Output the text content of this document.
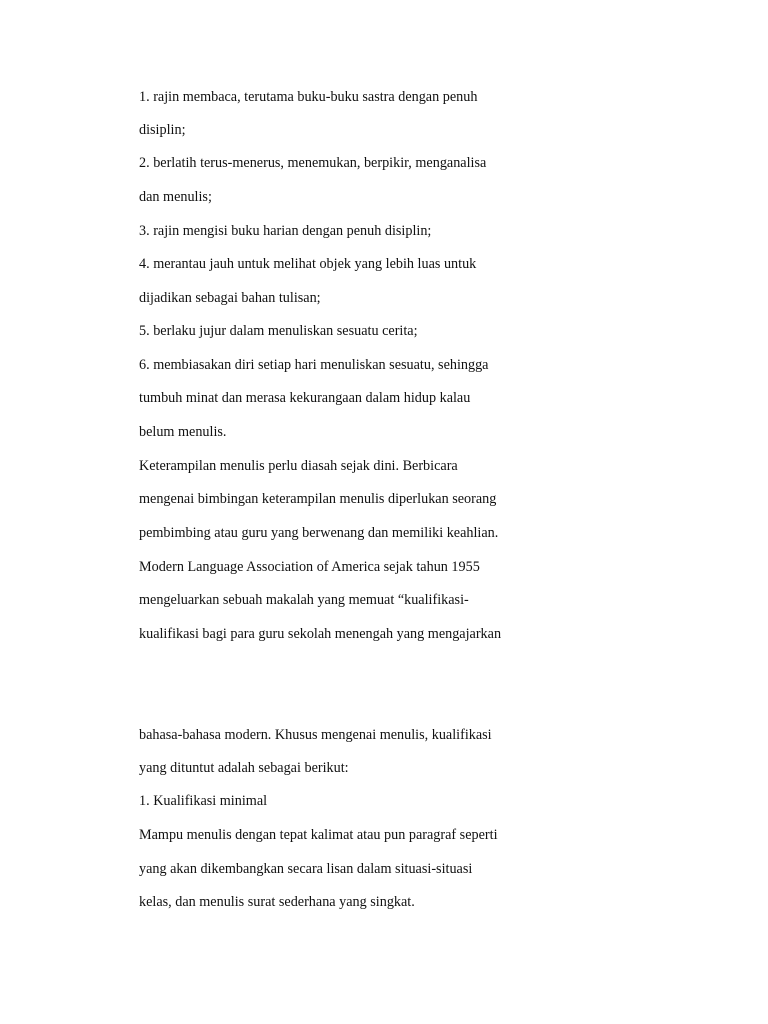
1. rajin membaca, terutama buku-buku sastra dengan penuh

disiplin;

2. berlatih terus-menerus, menemukan, berpikir, menganalisa

dan menulis;

3. rajin mengisi buku harian dengan penuh disiplin;

4. merantau jauh untuk melihat objek yang lebih luas untuk

dijadikan sebagai bahan tulisan;

5. berlaku jujur dalam menuliskan sesuatu cerita;

6. membiasakan diri setiap hari menuliskan sesuatu, sehingga

tumbuh minat dan merasa kekurangaan dalam hidup kalau

belum menulis.

Keterampilan menulis perlu diasah sejak dini. Berbicara

mengenai bimbingan keterampilan menulis diperlukan seorang

pembimbing atau guru yang berwenang dan memiliki keahlian.

Modern Language Association of America sejak tahun 1955

mengeluarkan sebuah makalah yang memuat “kualifikasi-

kualifikasi bagi para guru sekolah menengah yang mengajarkan

bahasa-bahasa modern. Khusus mengenai menulis, kualifikasi

yang dituntut adalah sebagai berikut:

1. Kualifikasi minimal

Mampu menulis dengan tepat kalimat atau pun paragraf seperti

yang akan dikembangkan secara lisan dalam situasi-situasi

kelas, dan menulis surat sederhana yang singkat.
